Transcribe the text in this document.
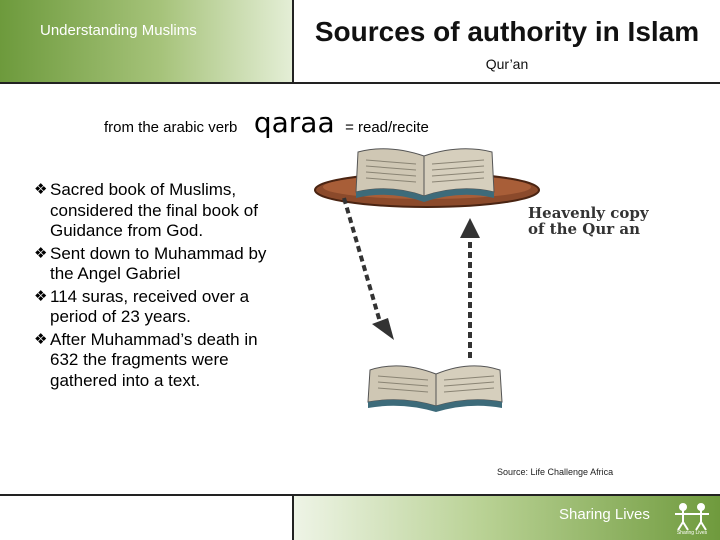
Understanding Muslims	Sources of authority in Islam
Qur’an
from the arabic verb qaraa = read/recite
❖ Sacred book of Muslims, considered the final book of Guidance from God.
❖ Sent down to Muhammad by the Angel Gabriel
❖ 114 suras, received over a period of 23 years.
❖ After Muhammad’s death in 632 the fragments were gathered into a text.
Heavenly copy
of the Qur an
Source: Life Challenge Africa
Sharing Lives
Sharing Lives
